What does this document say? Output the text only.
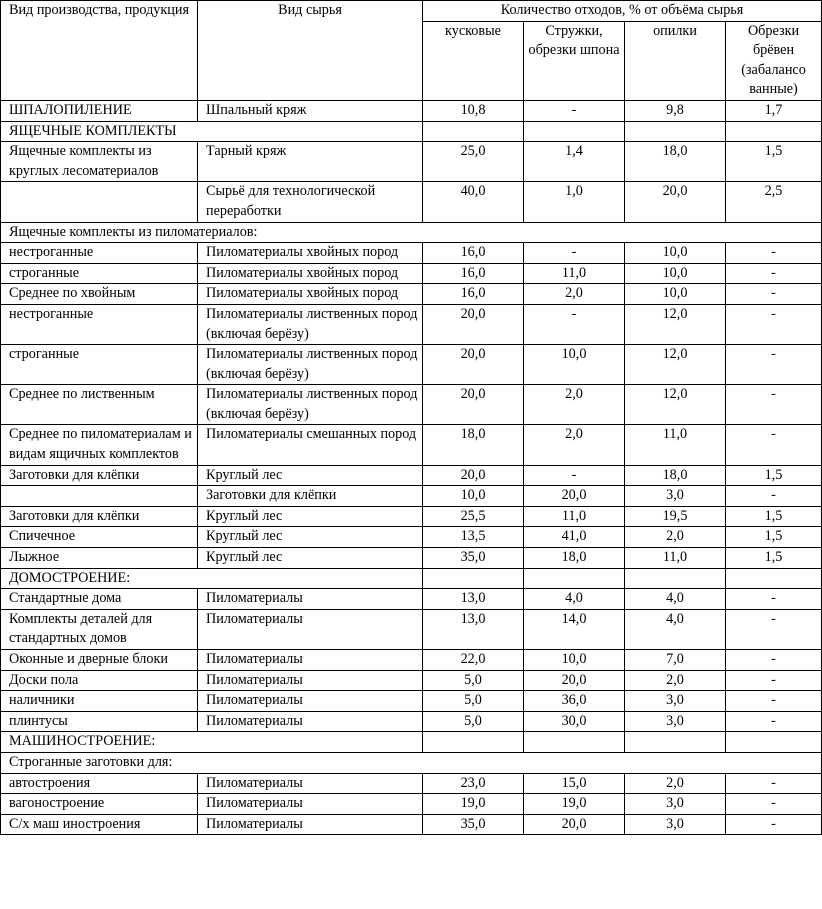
Вид производства, продукция	Вид сырья	Количество отходов, % от объёма сырья			
		кусковые	Стружки, обрезки шпона	опилки	Обрезки брёвен (забалансо ванные)
ШПАЛОПИЛЕНИЕ	Шпальный кряж	10,8	-	9,8	1,7
ЯЩЕЧНЫЕ КОМПЛЕКТЫ					
Ящечные комплекты из круглых лесоматериалов	Тарный кряж	25,0	1,4	18,0	1,5
	Сырьё для технологической переработки	40,0	1,0	20,0	2,5
Ящечные комплекты из пиломатериалов:					
нестроганные	Пиломатериалы хвойных пород	16,0	-	10,0	-
строганные	Пиломатериалы хвойных пород	16,0	11,0	10,0	-
Среднее по хвойным	Пиломатериалы хвойных пород	16,0	2,0	10,0	-
нестроганные	Пиломатериалы лиственных пород (включая берёзу)	20,0	-	12,0	-
строганные	Пиломатериалы лиственных пород (включая берёзу)	20,0	10,0	12,0	-
Среднее по лиственным	Пиломатериалы лиственных пород (включая берёзу)	20,0	2,0	12,0	-
Среднее по пиломатериалам и видам ящичных комплектов	Пиломатериалы смешанных пород	18,0	2,0	11,0	-
Заготовки для клёпки	Круглый лес	20,0	-	18,0	1,5
	Заготовки для клёпки	10,0	20,0	3,0	-
Заготовки для клёпки	Круглый лес	25,5	11,0	19,5	1,5
Спичечное	Круглый лес	13,5	41,0	2,0	1,5
Лыжное	Круглый лес	35,0	18,0	11,0	1,5
ДОМОСТРОЕНИЕ:					
Стандартные дома	Пиломатериалы	13,0	4,0	4,0	-
Комплекты деталей для стандартных домов	Пиломатериалы	13,0	14,0	4,0	-
Оконные и дверные блоки	Пиломатериалы	22,0	10,0	7,0	-
Доски пола	Пиломатериалы	5,0	20,0	2,0	-
наличники	Пиломатериалы	5,0	36,0	3,0	-
плинтусы	Пиломатериалы	5,0	30,0	3,0	-
МАШИНОСТРОЕНИЕ:					
Строганные заготовки для:					
автостроения	Пиломатериалы	23,0	15,0	2,0	-
вагоностроение	Пиломатериалы	19,0	19,0	3,0	-
С/х маш иностроения	Пиломатериалы	35,0	20,0	3,0	-
